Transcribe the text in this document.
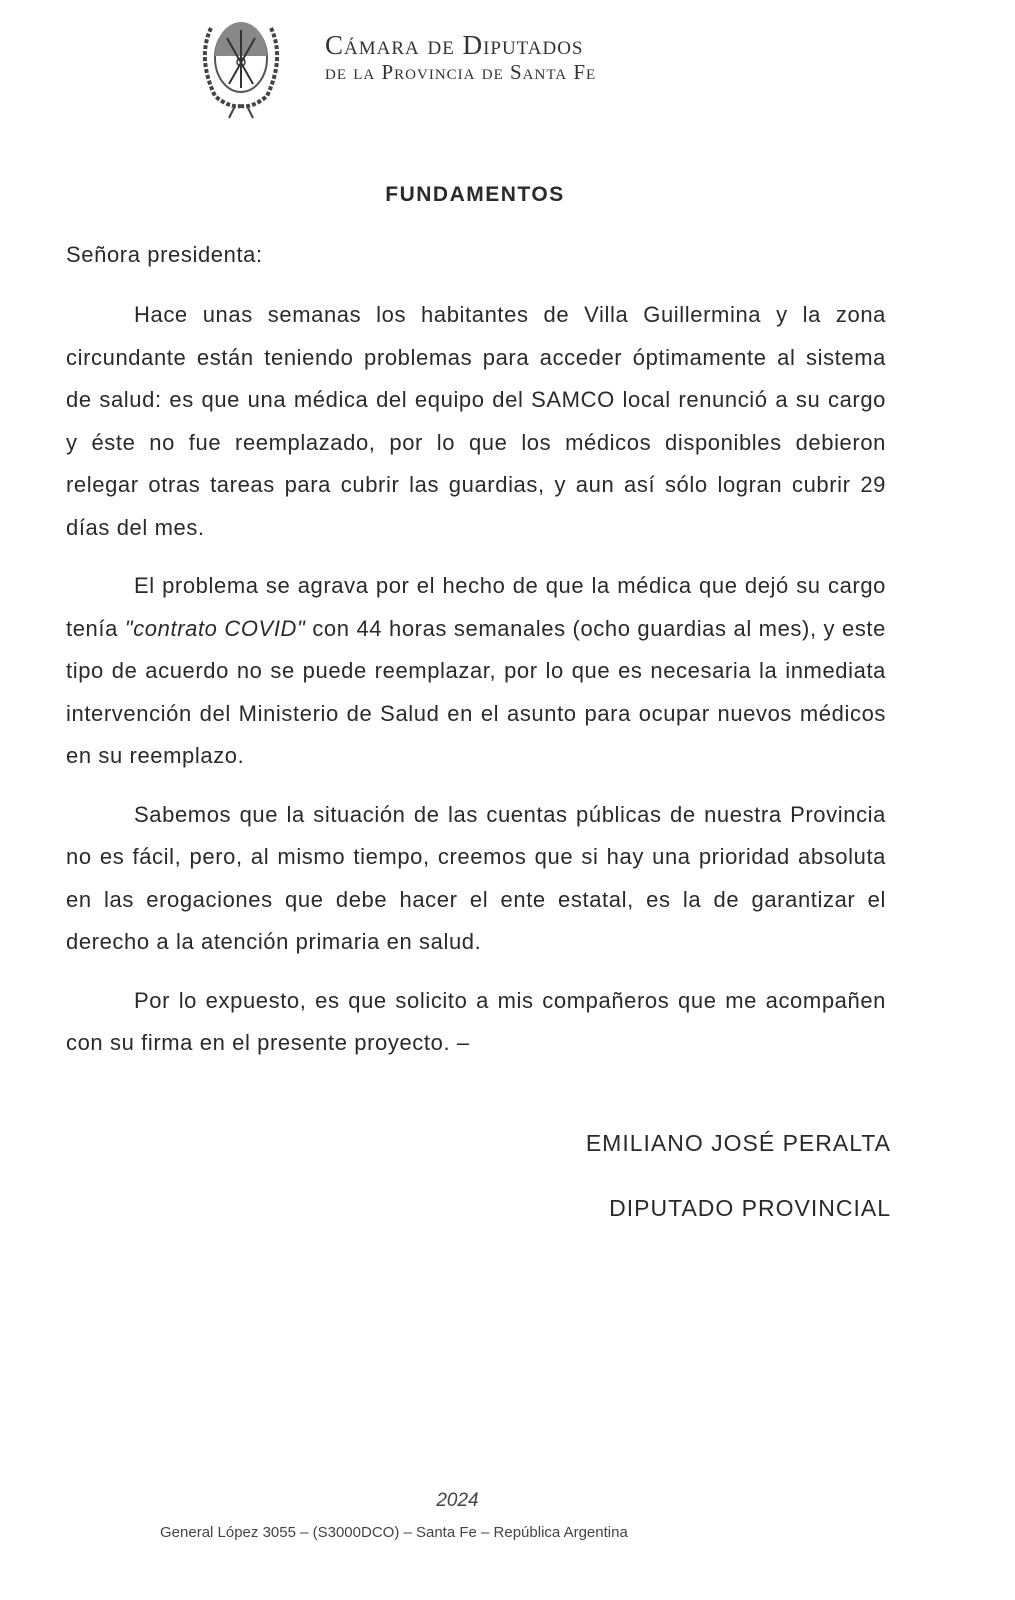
Cámara de Diputados
de la Provincia de Santa Fe
FUNDAMENTOS
Señora presidenta:

Hace unas semanas los habitantes de Villa Guillermina y la zona circundante están teniendo problemas para acceder óptimamente al sistema de salud: es que una médica del equipo del SAMCO local renunció a su cargo y éste no fue reemplazado, por lo que los médicos disponibles debieron relegar otras tareas para cubrir las guardias, y aun así sólo logran cubrir 29 días del mes.

El problema se agrava por el hecho de que la médica que dejó su cargo tenía "contrato COVID" con 44 horas semanales (ocho guardias al mes), y este tipo de acuerdo no se puede reemplazar, por lo que es necesaria la inmediata intervención del Ministerio de Salud en el asunto para ocupar nuevos médicos en su reemplazo.

Sabemos que la situación de las cuentas públicas de nuestra Provincia no es fácil, pero, al mismo tiempo, creemos que si hay una prioridad absoluta en las erogaciones que debe hacer el ente estatal, es la de garantizar el derecho a la atención primaria en salud.

Por lo expuesto, es que solicito a mis compañeros que me acompañen con su firma en el presente proyecto. –

EMILIANO JOSÉ PERALTA
DIPUTADO PROVINCIAL
2024
General López 3055 – (S3000DCO) – Santa Fe – República Argentina
